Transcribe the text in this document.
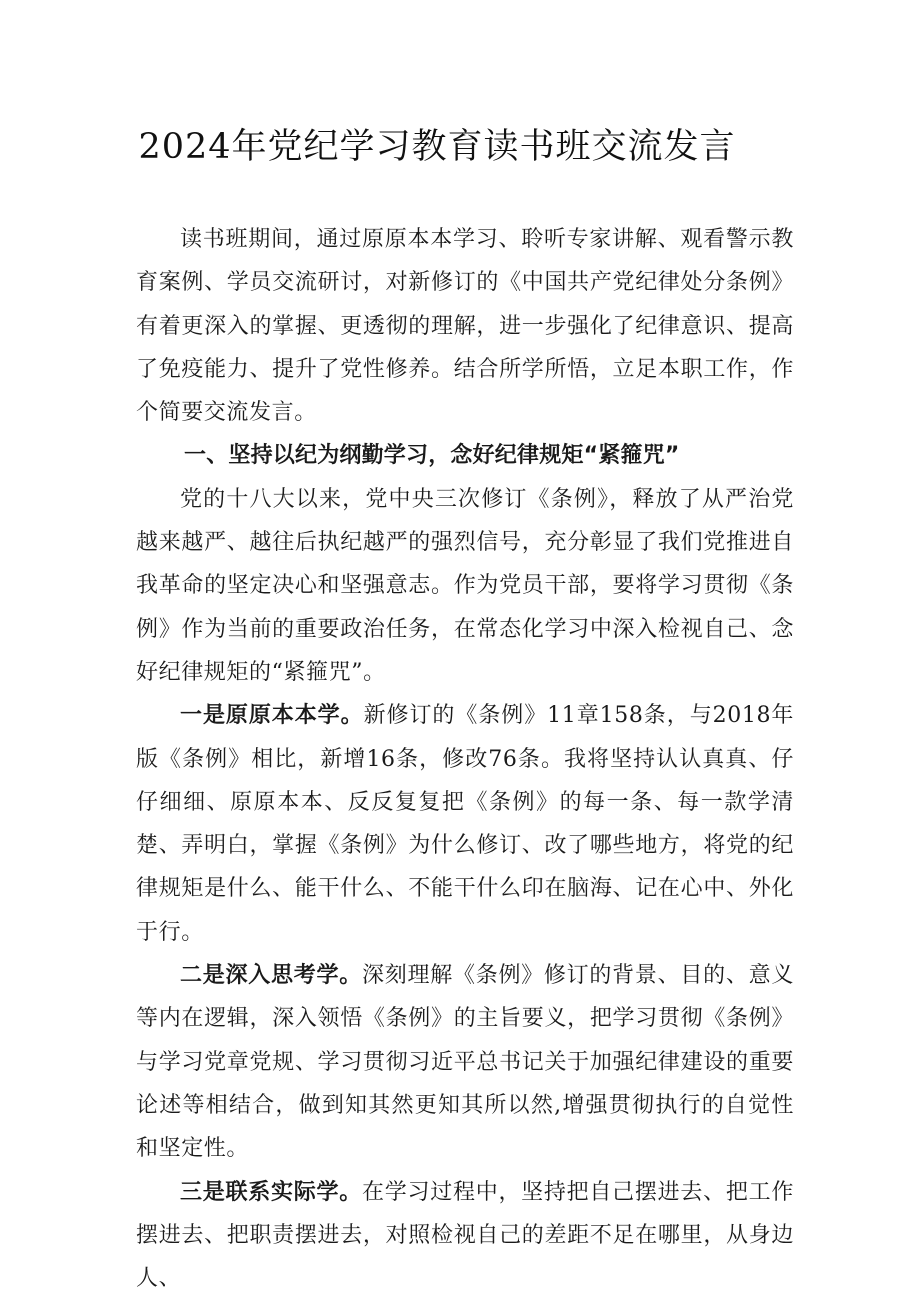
2024年党纪学习教育读书班交流发言

读书班期间，通过原原本本学习、聆听专家讲解、观看警示教育案例、学员交流研讨，对新修订的《中国共产党纪律处分条例》有着更深入的掌握、更透彻的理解，进一步强化了纪律意识、提高了免疫能力、提升了党性修养。结合所学所悟，立足本职工作，作个简要交流发言。

一、坚持以纪为纲勤学习，念好纪律规矩“紧箍咒”

党的十八大以来，党中央三次修订《条例》，释放了从严治党越来越严、越往后执纪越严的强烈信号，充分彰显了我们党推进自我革命的坚定决心和坚强意志。作为党员干部，要将学习贯彻《条例》作为当前的重要政治任务，在常态化学习中深入检视自己、念好纪律规矩的“紧箍咒”。

一是原原本本学。新修订的《条例》11章158条，与2018年版《条例》相比，新增16条，修改76条。我将坚持认认真真、仔仔细细、原原本本、反反复复把《条例》的每一条、每一款学清楚、弄明白，掌握《条例》为什么修订、改了哪些地方，将党的纪律规矩是什么、能干什么、不能干什么印在脑海、记在心中、外化于行。

二是深入思考学。深刻理解《条例》修订的背景、目的、意义等内在逻辑，深入领悟《条例》的主旨要义，把学习贯彻《条例》与学习党章党规、学习贯彻习近平总书记关于加强纪律建设的重要论述等相结合，做到知其然更知其所以然,增强贯彻执行的自觉性和坚定性。

三是联系实际学。在学习过程中，坚持把自己摆进去、把工作摆进去、把职责摆进去，对照检视自己的差距不足在哪里，从身边人、
